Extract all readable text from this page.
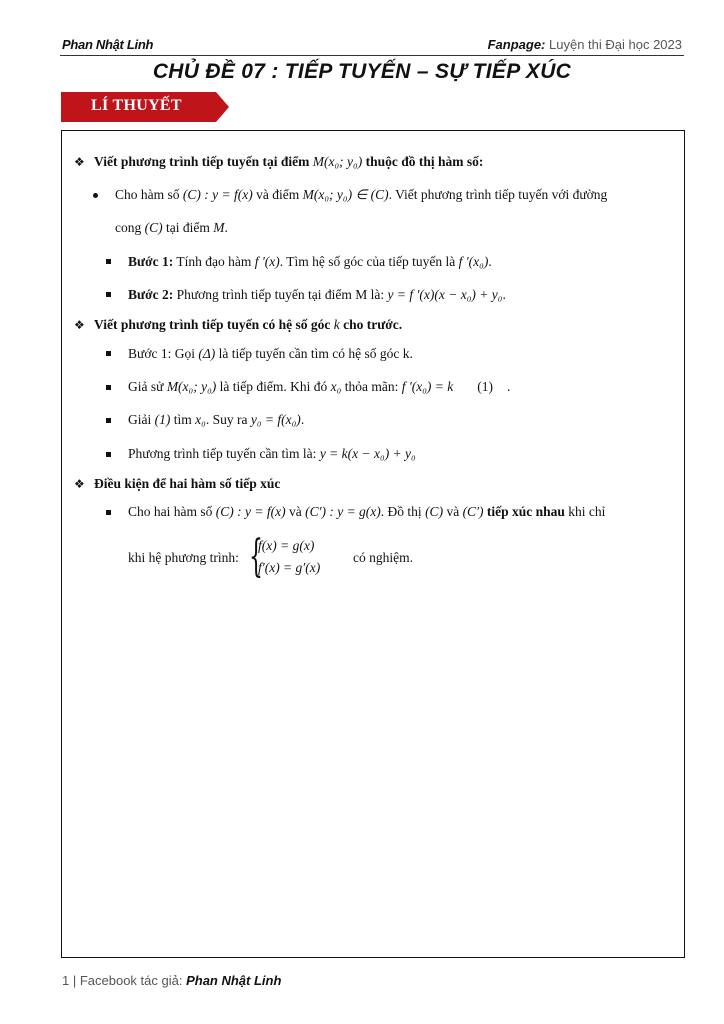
Phan Nhật Linh	Fanpage: Luyện thi Đại học 2023
CHỦ ĐỀ 07 : TIẾP TUYẾN – SỰ TIẾP XÚC
LÍ THUYẾT
❖ Viết phương trình tiếp tuyến tại điểm M(x₀; y₀) thuộc đồ thị hàm số:
Cho hàm số (C) : y = f(x) và điểm M(x₀; y₀) ∈ (C). Viết phương trình tiếp tuyến với đường
cong (C) tại điểm M.
Bước 1: Tính đạo hàm f '(x). Tìm hệ số góc của tiếp tuyến là f '(x₀).
Bước 2: Phương trình tiếp tuyến tại điểm M là: y = f '(x)(x − x₀) + y₀.
❖ Viết phương trình tiếp tuyến có hệ số góc k cho trước.
Bước 1: Gọi (Δ) là tiếp tuyến cần tìm có hệ số góc k.
Giả sử M(x₀; y₀) là tiếp điểm. Khi đó x₀ thỏa mãn: f '(x₀) = k (1) .
Giải (1) tìm x₀. Suy ra y₀ = f(x₀).
Phương trình tiếp tuyến cần tìm là: y = k(x − x₀) + y₀
❖ Điều kiện để hai hàm số tiếp xúc
Cho hai hàm số (C) : y = f(x) và (C') : y = g(x). Đồ thị (C) và (C′) tiếp xúc nhau khi chỉ
khi hệ phương trình: {
f(x) = g(x)
f′(x) = g′(x)
có nghiệm.
1 | Facebook tác giả: Phan Nhật Linh
